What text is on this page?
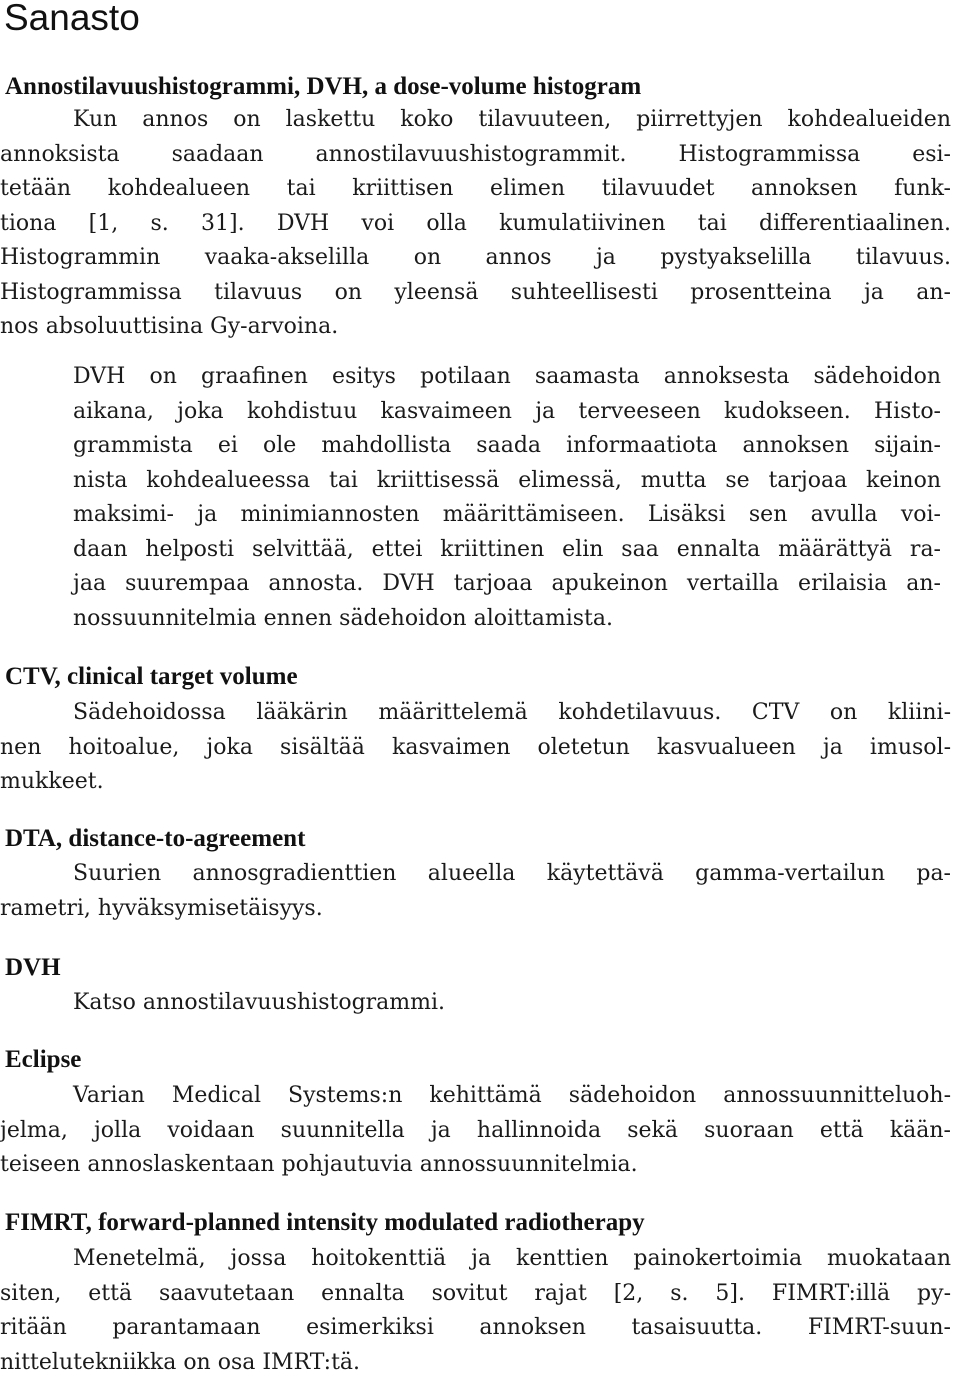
Sanasto
Annostilavuushistogrammi, DVH, a dose-volume histogram

Kun annos on laskettu koko tilavuuteen, piirrettyjen kohdealueiden
annoksista saadaan annostilavuushistogrammit. Histogrammissa esi-
tetään kohdealueen tai kriittisen elimen tilavuudet annoksen funk-
tiona [1, s. 31]. DVH voi olla kumulatiivinen tai differentiaalinen.
Histogrammin vaaka-akselilla on annos ja pystyakselilla tilavuus.
Histogrammissa tilavuus on yleensä suhteellisesti prosentteina ja an-
nos absoluuttisina Gy-arvoina.

DVH on graafinen esitys potilaan saamasta annoksesta sädehoidon
aikana, joka kohdistuu kasvaimeen ja terveeseen kudokseen. Histo-
grammista ei ole mahdollista saada informaatiota annoksen sijain-
nista kohdealueessa tai kriittisessä elimessä, mutta se tarjoaa keinon
maksimi- ja minimiannosten määrittämiseen. Lisäksi sen avulla voi-
daan helposti selvittää, ettei kriittinen elin saa ennalta määrättyä ra-
jaa suurempaa annosta. DVH tarjoaa apukeinon vertailla erilaisia an-
nossuunnitelmia ennen sädehoidon aloittamista.

CTV, clinical target volume

Sädehoidossa lääkärin määrittelemä kohdetilavuus. CTV on kliini-
nen hoitoalue, joka sisältää kasvaimen oletetun kasvualueen ja imusol-
mukkeet.

DTA, distance-to-agreement

Suurien annosgradienttien alueella käytettävä gamma-vertailun pa-
rametri, hyväksymisetäisyys.

DVH

Katso annostilavuushistogrammi.

Eclipse

Varian Medical Systems:n kehittämä sädehoidon annossuunnitteluoh-
jelma, jolla voidaan suunnitella ja hallinnoida sekä suoraan että kään-
teiseen annoslaskentaan pohjautuvia annossuunnitelmia.

FIMRT, forward-planned intensity modulated radiotherapy

Menetelmä, jossa hoitokenttiä ja kenttien painokertoimia muokataan
siten, että saavutetaan ennalta sovitut rajat [2, s. 5]. FIMRT:illä py-
ritään parantamaan esimerkiksi annoksen tasaisuutta. FIMRT-suun-
nittelutekniikka on osa IMRT:tä.
